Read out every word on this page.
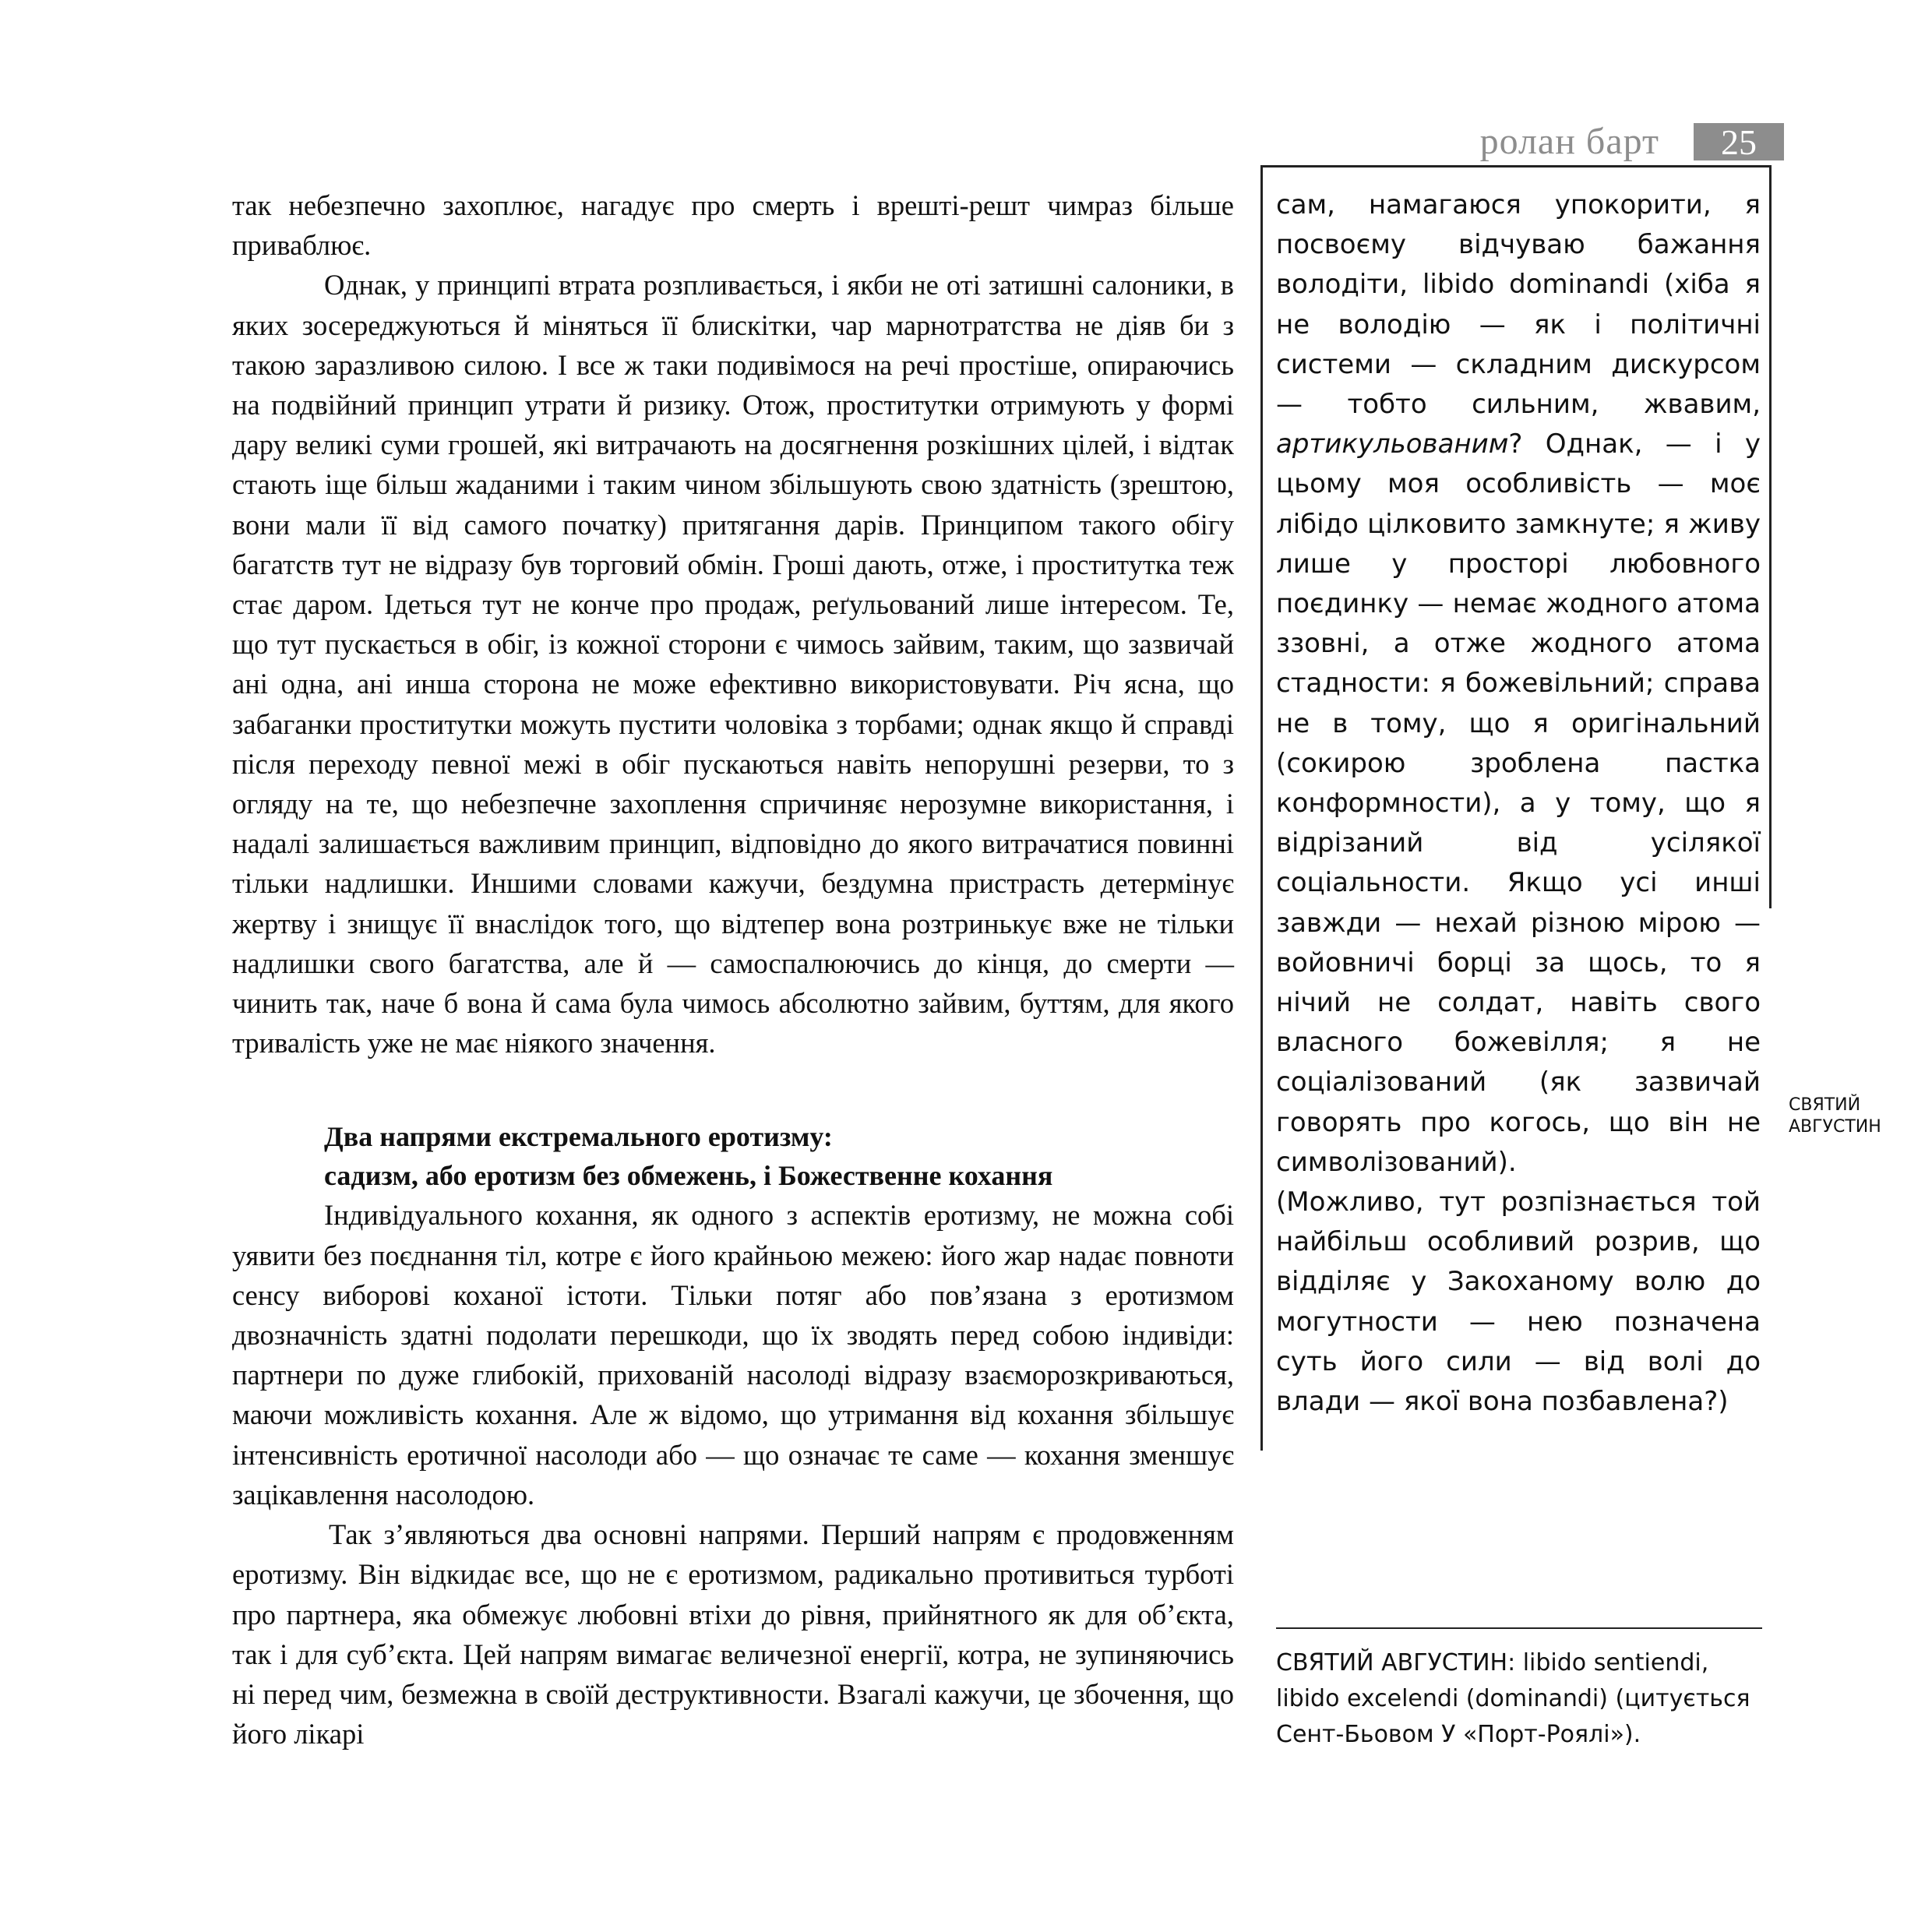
ролан барт	25

так небезпечно захоплює, нагадує про смерть і врешті-решт чимраз більше приваблює.

Однак, у принципі втрата розпливається, і якби не оті затишні салоники, в яких зосереджуються й міняться її блискітки, чар марнотратства не діяв би з такою заразливою силою. І все ж таки подивімося на речі простіше, опираючись на подвійний принцип утрати й ризику. Отож, проститутки отримують у формі дару великі суми грошей, які витрачають на досягнення розкішних цілей, і відтак стають іще більш жаданими і таким чином збільшують свою здатність (зрештою, вони мали її від самого початку) притягання дарів. Принципом такого обігу багатств тут не відразу був торговий обмін. Гроші дають, отже, і проститутка теж стає даром. Ідеться тут не конче про продаж, реґульований лише інтересом. Те, що тут пускається в обіг, із кожної сторони є чимось зайвим, таким, що зазвичай ані одна, ані инша сторона не може ефективно використовувати. Річ ясна, що забаганки проститутки можуть пустити чоловіка з торбами; однак якщо й справді після переходу певної межі в обіг пускаються навіть непорушні резерви, то з огляду на те, що небезпечне захоплення спричиняє нерозумне використання, і надалі залишається важливим принцип, відповідно до якого витрачатися повинні тільки надлишки. Иншими словами кажучи, бездумна пристрасть детермінує жертву і знищує її внаслідок того, що відтепер вона розтринькує вже не тільки надлишки свого багатства, але й — самоспалюючись до кінця, до смерти — чинить так, наче б вона й сама була чимось абсолютно зайвим, буттям, для якого тривалість уже не має ніякого значення.

Два напрями екстремального еротизму:
садизм, або еротизм без обмежень, і Божественне кохання

Індивідуального кохання, як одного з аспектів еротизму, не можна собі уявити без поєднання тіл, котре є його крайньою межею: його жар надає повноти сенсу виборові коханої істоти. Тільки потяг або пов’язана з еротизмом двозначність здатні подолати перешкоди, що їх зводять перед собою індивіди: партнери по дуже глибокій, прихованій насолоді відразу взаєморозкриваються, маючи можливість кохання. Але ж відомо, що утримання від кохання збільшує інтенсивність еротичної насолоди або — що означає те саме — кохання зменшує зацікавлення насолодою.

Так з’являються два основні напрями. Перший напрям є продовженням еротизму. Він відкидає все, що не є еротизмом, радикально противиться турботі про партнера, яка обмежує любовні втіхи до рівня, прийнятного як для об’єкта, так і для суб’єкта. Цей напрям вимагає величезної енергії, котра, не зупиняючись ні перед чим, безмежна в своїй деструктивности. Взагалі кажучи, це збочення, що його лікарі

сам, намагаюся упокорити, я посвоєму відчуваю бажання володіти, libido dominandi (хіба я не володію — як і політичні системи — складним дискурсом — тобто сильним, жвавим, артикульованим? Однак, — і у цьому моя особливість — моє лібідо цілковито замкнуте; я живу лише у просторі любовного поєдинку — немає жодного атома ззовні, а отже жодного атома стадности: я божевільний; справа не в тому, що я оригінальний (сокирою зроблена пастка конформности), а у тому, що я відрізаний від усілякої соціальности. Якщо усі инші завжди — нехай різною мірою — войовничі борці за щось, то я нічий не солдат, навіть свого власного божевілля; я не соціалізований (як зазвичай говорять про когось, що він не символізований).

(Можливо, тут розпізнається той найбільш особливий розрив, що відділяє у Закоханому волю до могутности — нею позначена суть його сили — від волі до влади — якої вона позбавлена?)

СВЯТИЙ
АВГУСТИН
СВЯТИЙ АВГУСТИН: libido sentiendi, libido excelendi (dominandi) (цитується Сент-Бьовом У «Порт-Роялі»).
